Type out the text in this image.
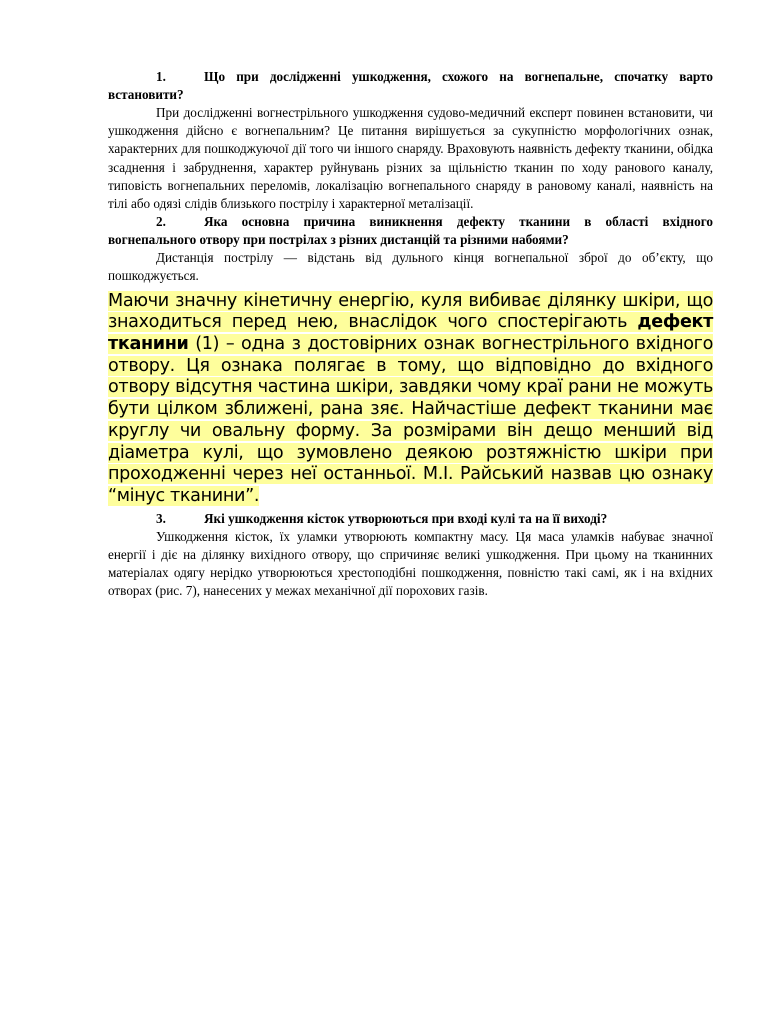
1.	Що при дослідженні ушкодження, схожого на вогнепальне, спочатку варто встановити?

При дослідженні вогнестрільного ушкодження судово-медичний експерт повинен встановити, чи ушкодження дійсно є вогнепальним? Це питання вирішується за сукупністю морфологічних ознак, характерних для пошкоджуючої дії того чи іншого снаряду. Враховують наявність дефекту тканини, обідка зсаднення і забруднення, характер руйнувань різних за щільністю тканин по ходу ранового каналу, типовість вогнепальних переломів, локалізацію вогнепального снаряду в рановому каналі, наявність на тілі або одязі слідів близького пострілу і характерної металізації.

2.	Яка основна причина виникнення дефекту тканини в області вхідного вогнепального отвору при пострілах з різних дистанцій та різними набоями?

Дистанція пострілу — відстань від дульного кінця вогнепальної зброї до об’єкту, що пошкоджується.

Маючи значну кінетичну енергію, куля вибиває ділянку шкіри, що знаходиться перед нею, внаслідок чого спостерігають дефект тканини (1) – одна з достовірних ознак вогнестрільного вхідного отвору. Ця ознака полягає в тому, що відповідно до вхідного отвору відсутня частина шкіри, завдяки чому краї рани не можуть бути цілком зближені, рана зяє. Найчастіше дефект тканини має круглу чи овальну форму. За розмірами він дещо менший від діаметра кулі, що зумовлено деякою розтяжністю шкіри при проходженні через неї останньої. М.І. Райський назвав цю ознаку “мінус тканини”.

3.	Які ушкодження кісток утворюються при вході кулі та на її виході?

Ушкодження кісток, їх уламки утворюють компактну масу. Ця маса уламків набуває значної енергії і діє на ділянку вихідного отвору, що спричиняє великі ушкодження. При цьому на тканинних матеріалах одягу нерідко утворюються хрестоподібні пошкодження, повністю такі самі, як і на вхідних отворах (рис. 7), нанесених у межах механічної дії порохових газів.
